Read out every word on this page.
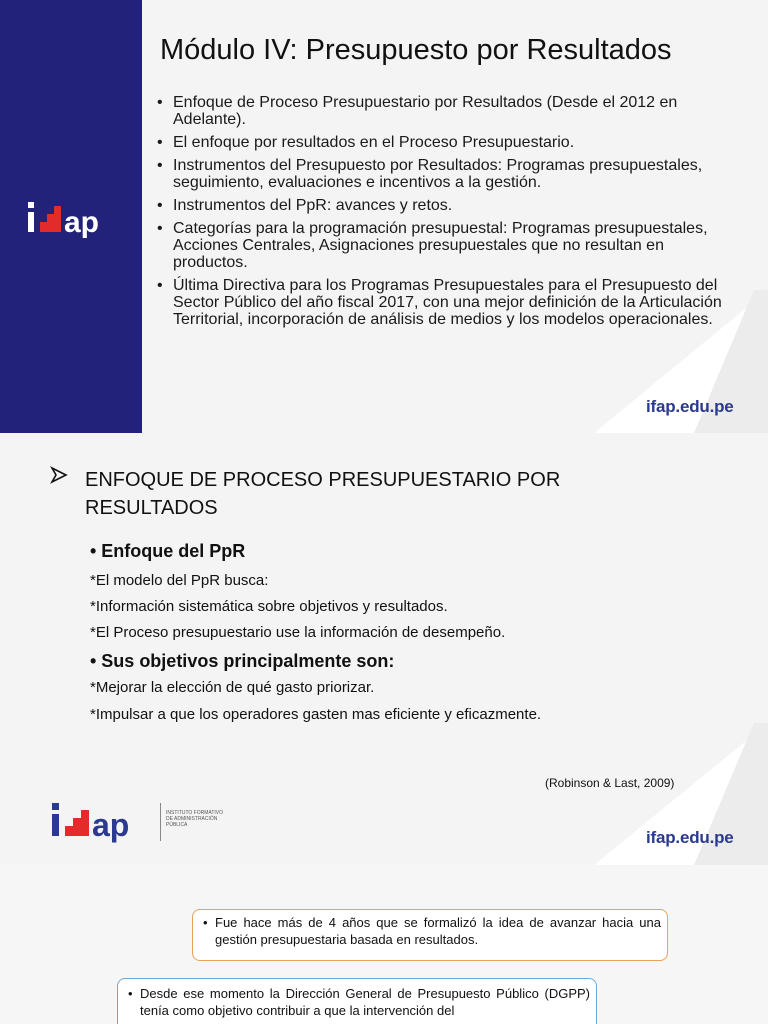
ap
Módulo IV: Presupuesto por Resultados
• Enfoque de Proceso Presupuestario por Resultados (Desde el 2012 en Adelante).
• El enfoque por resultados en el Proceso Presupuestario.
• Instrumentos del Presupuesto por Resultados: Programas presupuestales, seguimiento, evaluaciones e incentivos a la gestión.
• Instrumentos del PpR: avances y retos.
• Categorías para la programación presupuestal: Programas presupuestales, Acciones Centrales, Asignaciones presupuestales que no resultan en productos.
• Última Directiva para los Programas Presupuestales para el Presupuesto del Sector Público del año fiscal 2017, con una mejor definición de la Articulación Territorial, incorporación de análisis de medios y los modelos operacionales.
ifap.edu.pe
ENFOQUE DE PROCESO PRESUPUESTARIO POR RESULTADOS
• Enfoque del PpR
*El modelo del PpR busca:
*Información sistemática sobre objetivos y resultados.
*El Proceso presupuestario use la información de desempeño.
• Sus objetivos principalmente son:
*Mejorar la elección de qué gasto priorizar.
*Impulsar a que los operadores gasten mas eficiente y eficazmente.
(Robinson & Last, 2009)
ap	INSTITUTO FORMATIVO DE ADMINISTRACIÓN PÚBLICA
ifap.edu.pe

• Fue hace más de 4 años que se formalizó la idea de avanzar hacia una gestión presupuestaria basada en resultados.

• Desde ese momento la Dirección General de Presupuesto Público (DGPP) tenía como objetivo contribuir a que la intervención del
